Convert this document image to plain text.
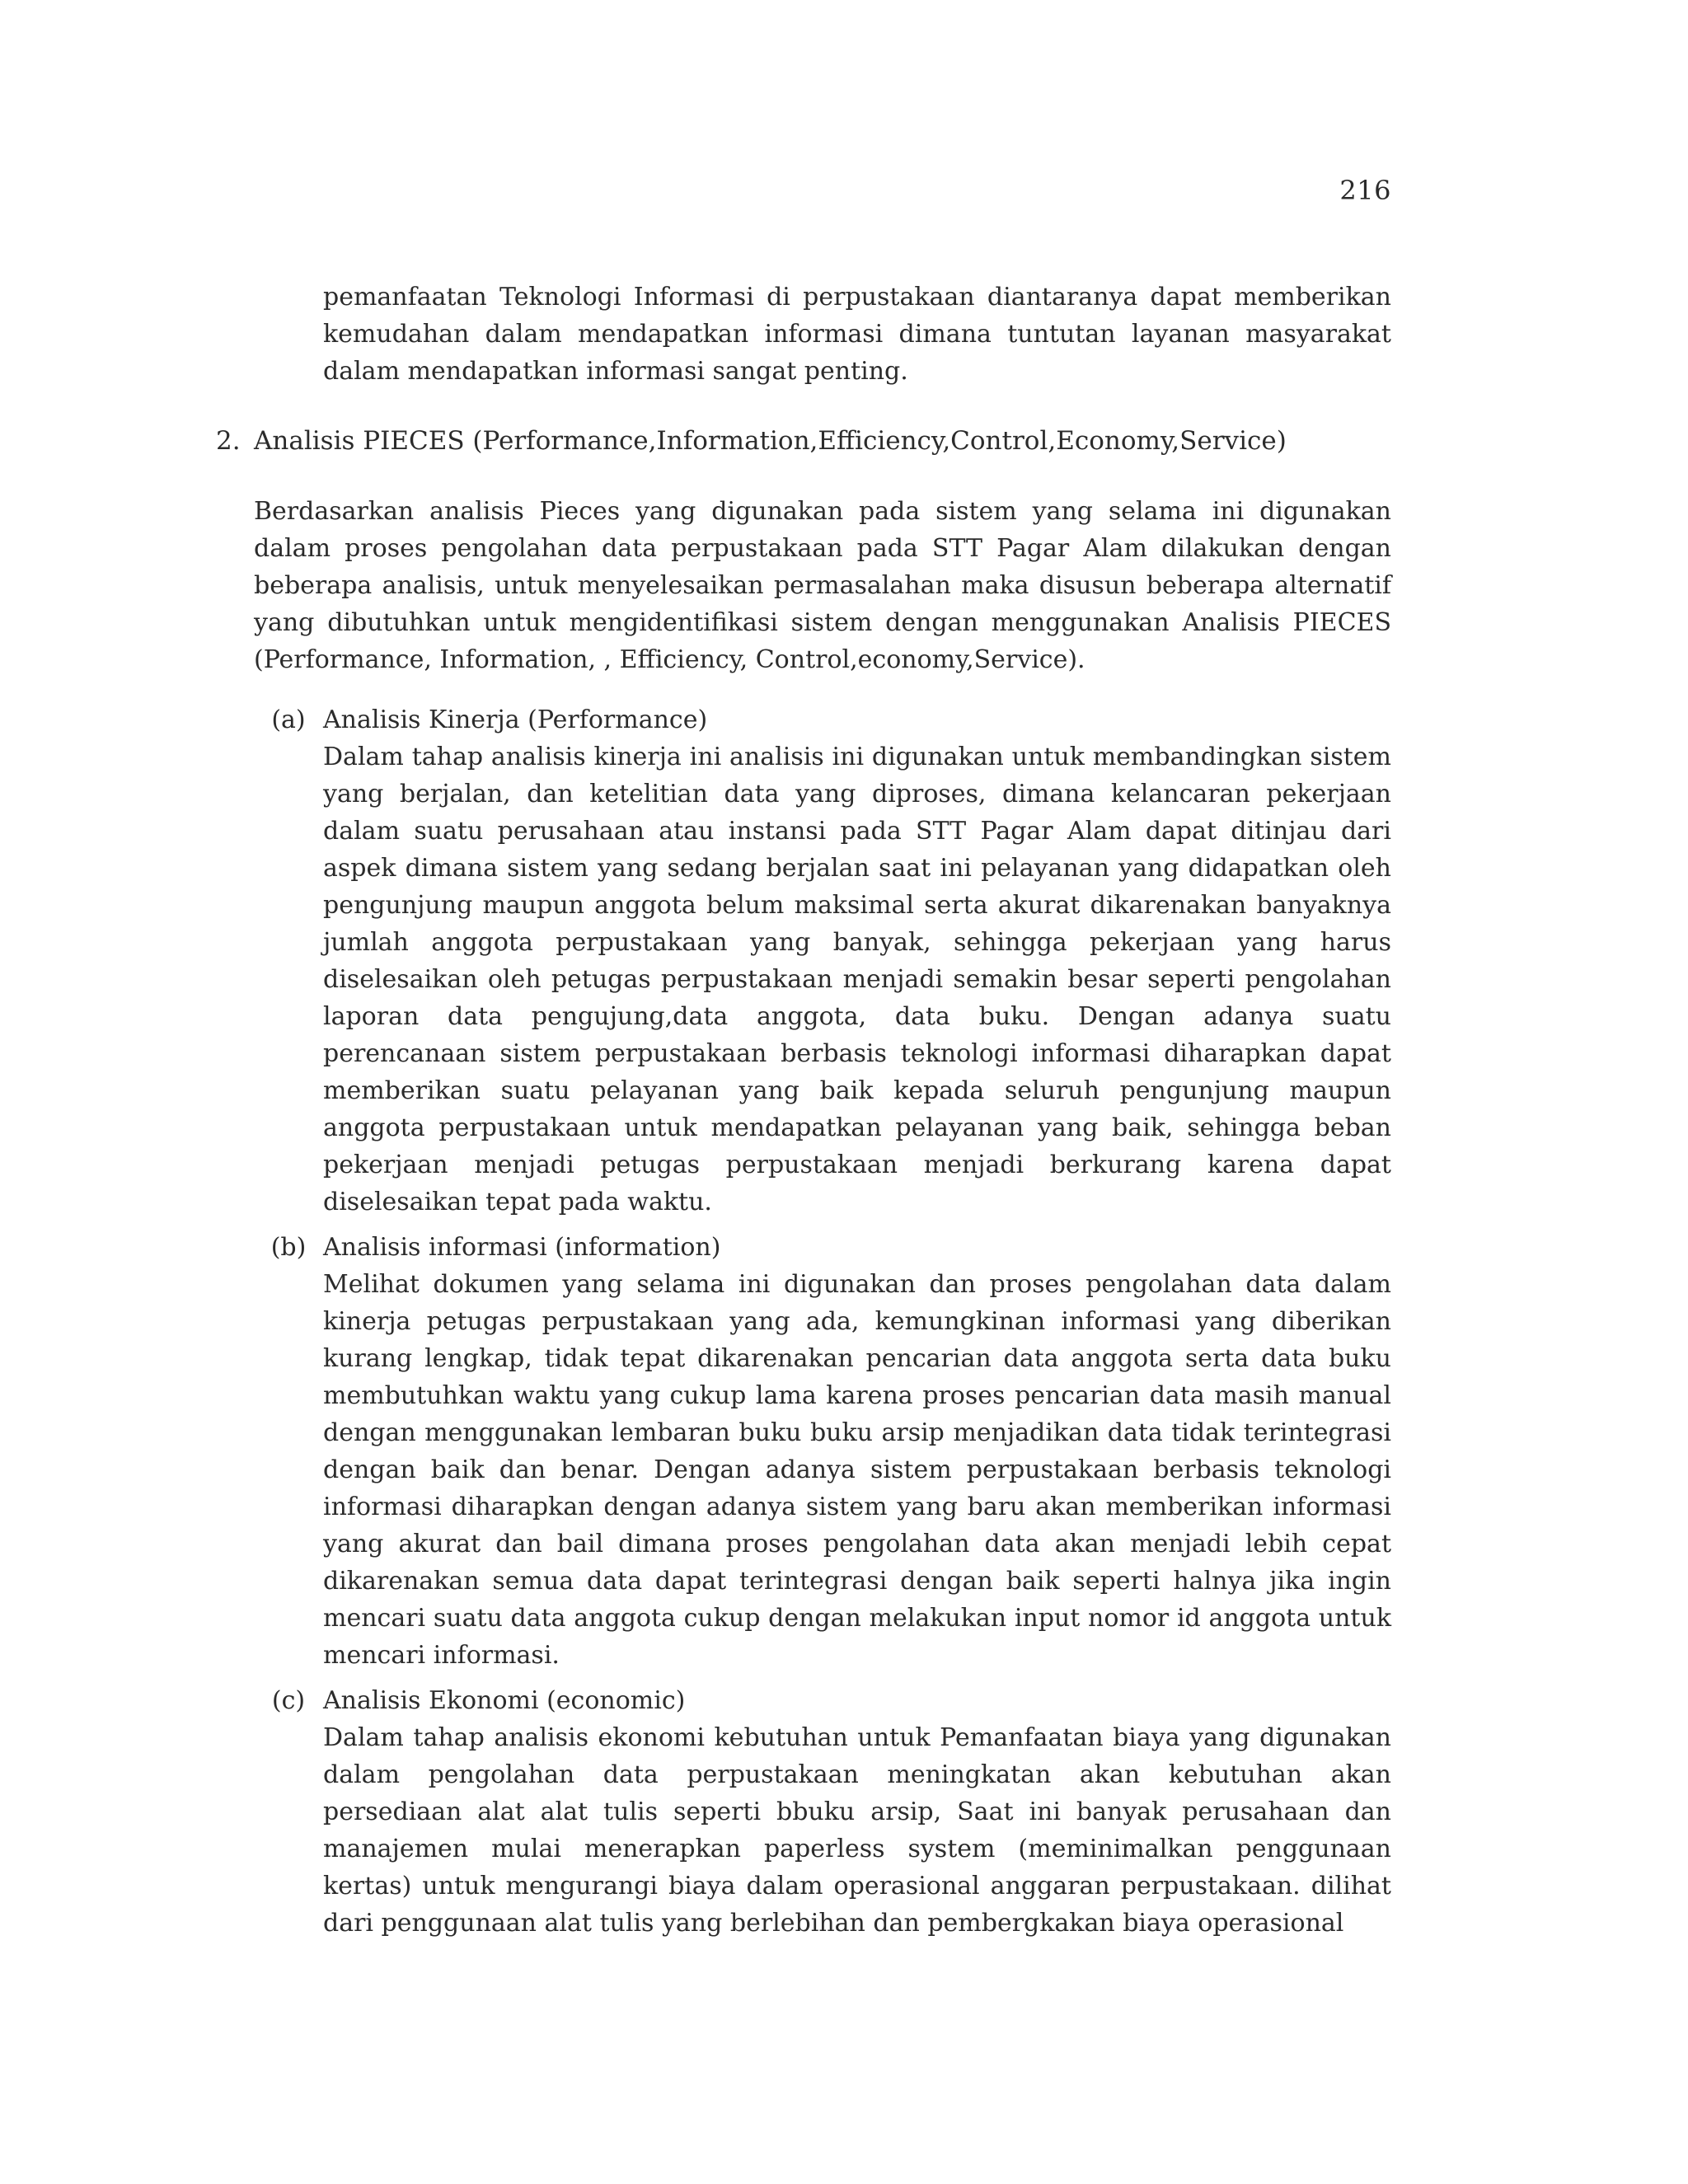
216

pemanfaatan Teknologi Informasi di perpustakaan diantaranya dapat memberikan kemudahan dalam mendapatkan informasi dimana tuntutan layanan masyarakat dalam mendapatkan informasi sangat penting.

2. Analisis PIECES (Performance,Information,Efficiency,Control,Economy,Service)

Berdasarkan analisis Pieces yang digunakan pada sistem yang selama ini digunakan dalam proses pengolahan data perpustakaan pada STT Pagar Alam dilakukan dengan beberapa analisis, untuk menyelesaikan permasalahan maka disusun beberapa alternatif yang dibutuhkan untuk mengidentifikasi sistem dengan menggunakan Analisis PIECES (Performance, Information, , Efficiency, Control,economy,Service).

(a) Analisis Kinerja (Performance)
Dalam tahap analisis kinerja ini analisis ini digunakan untuk membandingkan sistem yang berjalan, dan ketelitian data yang diproses, dimana kelancaran pekerjaan dalam suatu perusahaan atau instansi pada STT Pagar Alam dapat ditinjau dari aspek dimana sistem yang sedang berjalan saat ini pelayanan yang didapatkan oleh pengunjung maupun anggota belum maksimal serta akurat dikarenakan banyaknya jumlah anggota perpustakaan yang banyak, sehingga pekerjaan yang harus diselesaikan oleh petugas perpustakaan menjadi semakin besar seperti pengolahan laporan data pengujung,data anggota, data buku. Dengan adanya suatu perencanaan sistem perpustakaan berbasis teknologi informasi diharapkan dapat memberikan suatu pelayanan yang baik kepada seluruh pengunjung maupun anggota perpustakaan untuk mendapatkan pelayanan yang baik, sehingga beban pekerjaan menjadi petugas perpustakaan menjadi berkurang karena dapat diselesaikan tepat pada waktu.
(b) Analisis informasi (information)
Melihat dokumen yang selama ini digunakan dan proses pengolahan data dalam kinerja petugas perpustakaan yang ada, kemungkinan informasi yang diberikan kurang lengkap, tidak tepat dikarenakan pencarian data anggota serta data buku membutuhkan waktu yang cukup lama karena proses pencarian data masih manual dengan menggunakan lembaran buku buku arsip menjadikan data tidak terintegrasi dengan baik dan benar. Dengan adanya sistem perpustakaan berbasis teknologi informasi diharapkan dengan adanya sistem yang baru akan memberikan informasi yang akurat dan bail dimana proses pengolahan data akan menjadi lebih cepat dikarenakan semua data dapat terintegrasi dengan baik seperti halnya jika ingin mencari suatu data anggota cukup dengan melakukan input nomor id anggota untuk mencari informasi.
(c) Analisis Ekonomi (economic)
Dalam tahap analisis ekonomi kebutuhan untuk Pemanfaatan biaya yang digunakan dalam pengolahan data perpustakaan meningkatan akan kebutuhan akan persediaan alat alat tulis seperti bbuku arsip, Saat ini banyak perusahaan dan manajemen mulai menerapkan paperless system (meminimalkan penggunaan kertas) untuk mengurangi biaya dalam operasional anggaran perpustakaan. dilihat dari penggunaan alat tulis yang berlebihan dan pembergkakan biaya operasional
